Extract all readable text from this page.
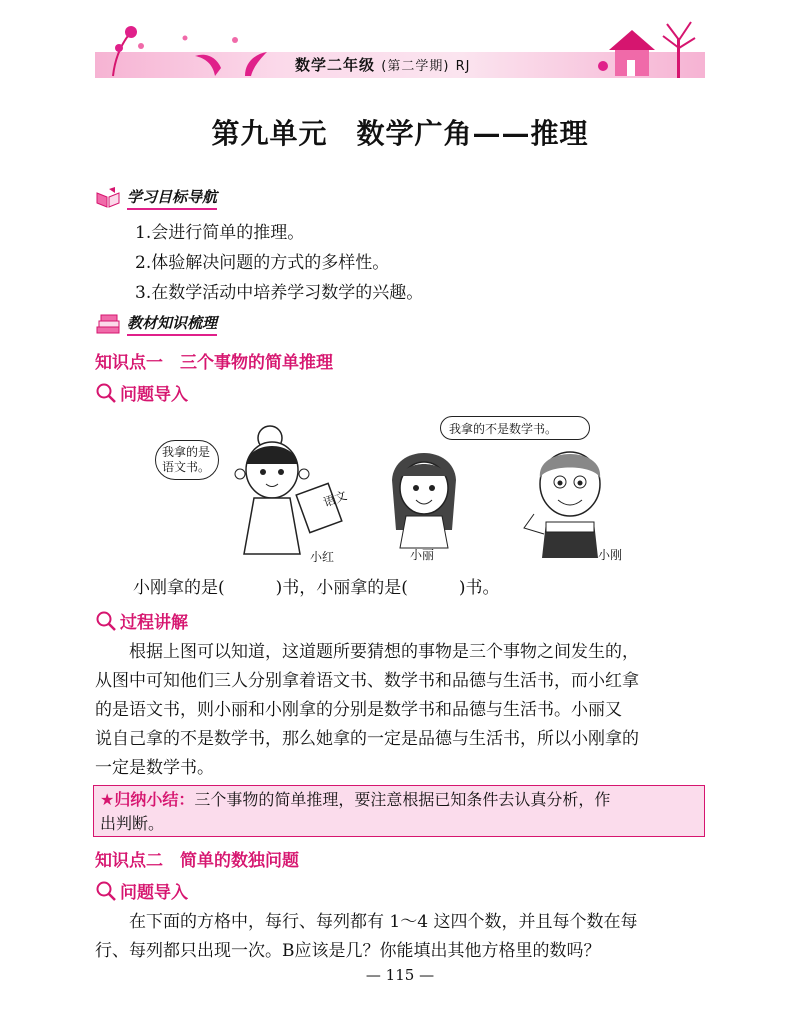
数学二年级 (第二学期) RJ
第九单元　数学广角——推理
学习目标导航
1.会进行简单的推理。
2.体验解决问题的方式的多样性。
3.在数学活动中培养学习数学的兴趣。
教材知识梳理
知识点一　三个事物的简单推理
问题导入
我拿的是
语文书。
语文
小红
我拿的不是数学书。
小丽	小刚
小刚拿的是(　　　)书，小丽拿的是(　　　)书。
过程讲解
根据上图可以知道，这道题所要猜想的事物是三个事物之间发生的，
从图中可知他们三人分别拿着语文书、数学书和品德与生活书，而小红拿
的是语文书，则小丽和小刚拿的分别是数学书和品德与生活书。小丽又
说自己拿的不是数学书，那么她拿的一定是品德与生活书，所以小刚拿的
一定是数学书。
★归纳小结：三个事物的简单推理，要注意根据已知条件去认真分析，作
出判断。
知识点二　简单的数独问题
问题导入
在下面的方格中，每行、每列都有 1～4 这四个数，并且每个数在每
行、每列都只出现一次。B应该是几？你能填出其他方格里的数吗？
— 115 —
